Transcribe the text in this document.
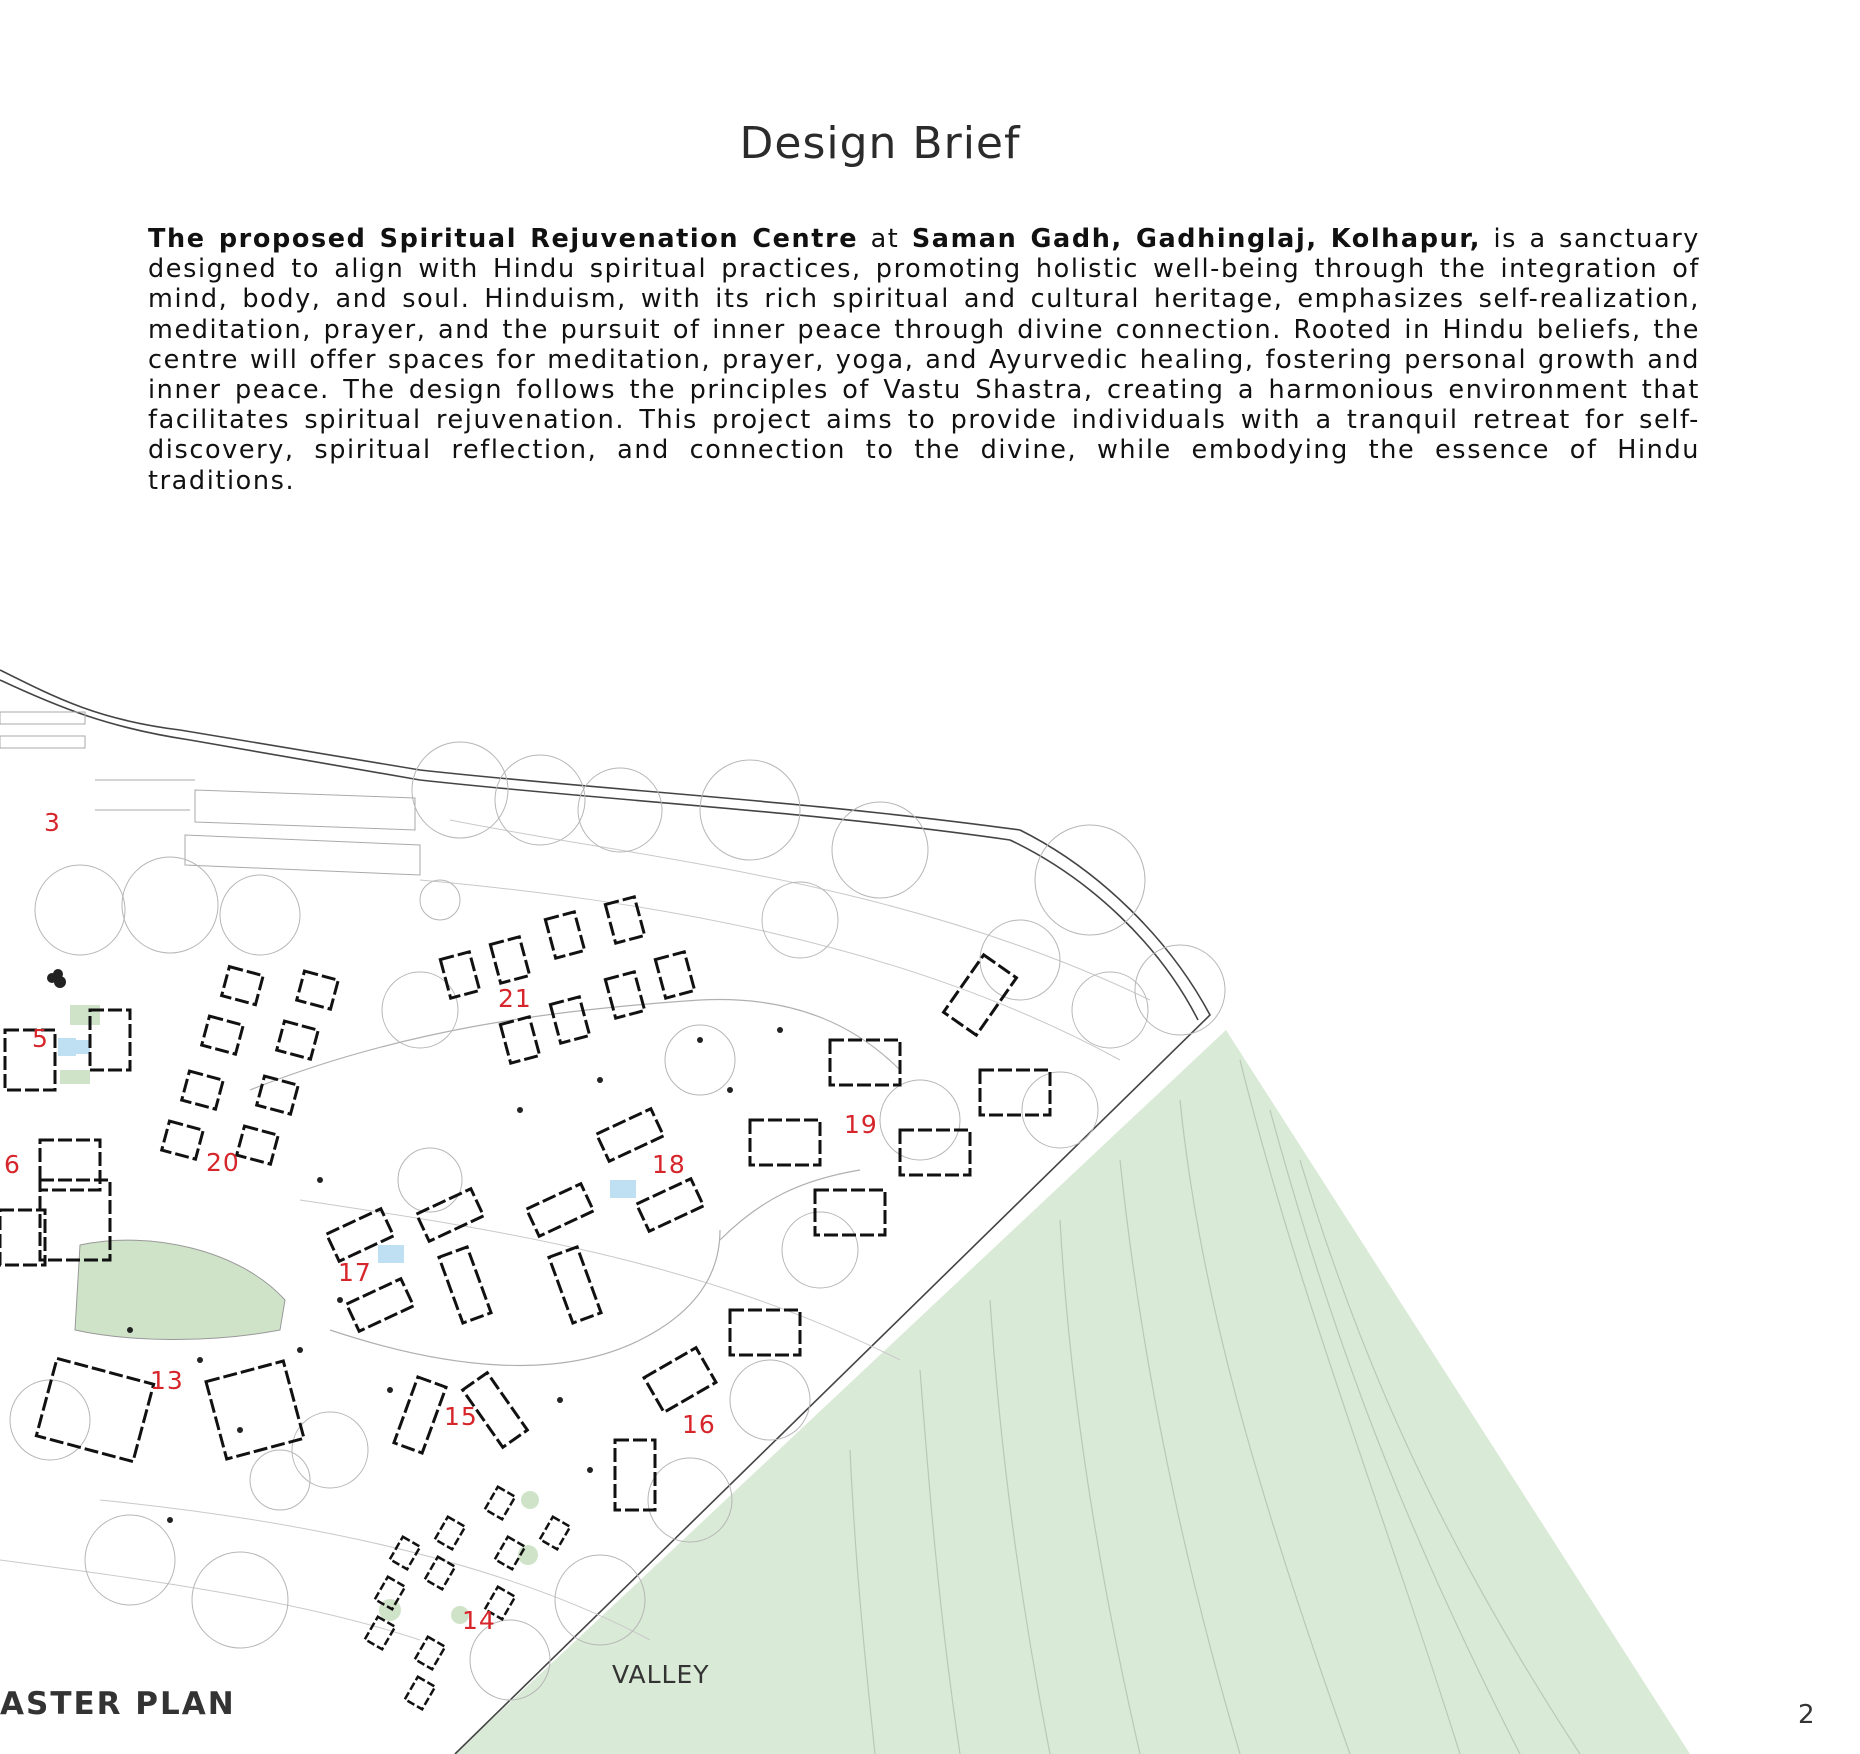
Design Brief

The proposed Spiritual Rejuvenation Centre at Saman Gadh, Gadhinglaj, Kolhapur, is a sanctuary designed to align with Hindu spiritual practices, promoting holistic well-being through the integration of mind, body, and soul. Hinduism, with its rich spiritual and cultural heritage, emphasizes self-realization, meditation, prayer, and the pursuit of inner peace through divine connection. Rooted in Hindu beliefs, the centre will offer spaces for meditation, prayer, yoga, and Ayurvedic healing, fostering personal growth and inner peace. The design follows the principles of Vastu Shastra, creating a harmonious environment that facilitates spiritual rejuvenation. This project aims to provide individuals with a tranquil retreat for self-discovery, spiritual reflection, and connection to the divine, while embodying the essence of Hindu traditions.

3
5
6
13
14
15	16
17
18
19
20
21
VALLEY
ASTER PLAN	2
